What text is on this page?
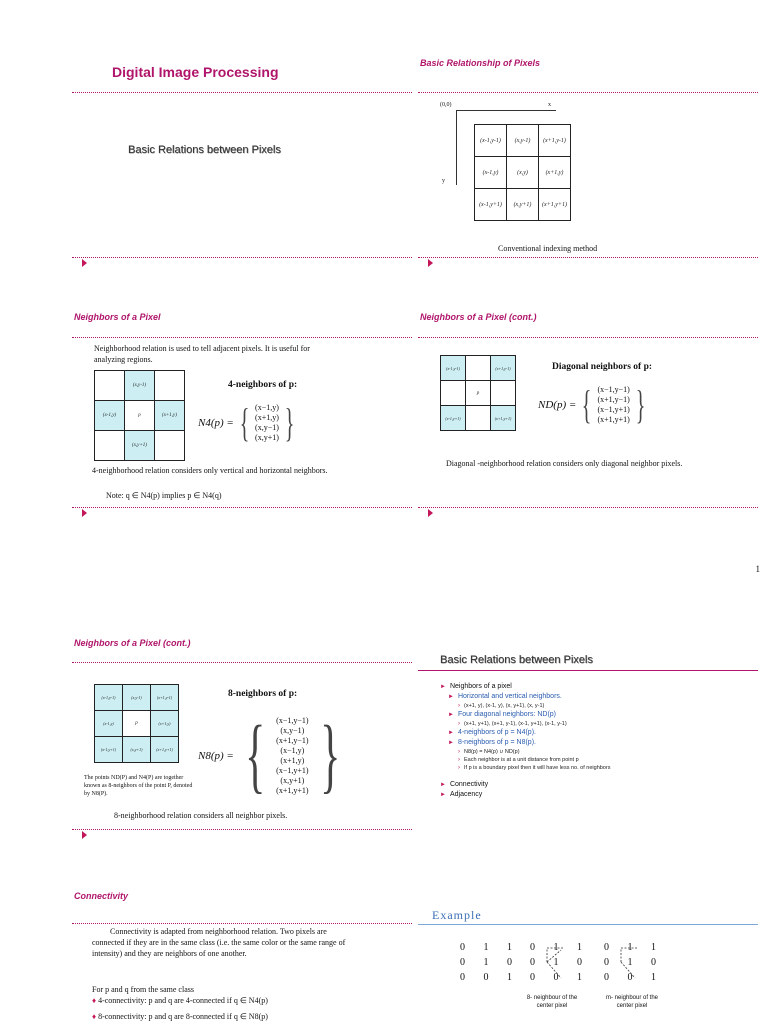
Digital Image Processing
Basic Relations between Pixels
Basic Relationship of Pixels
(0,0)	x
y
(x-1,y-1)	(x,y-1)	(x+1,y-1)
(x-1,y)	(x,y)	(x+1,y)
(x-1,y+1)	(x,y+1)	(x+1,y+1)
Conventional indexing method
Neighbors of a Pixel
Neighborhood relation is used to tell adjacent pixels. It is useful for analyzing regions.
	(x,y-1)	
(x-1,y)	p	(x+1,y)
	(x,y+1)	
4-neighbors of p:
N4(p) = { (x−1,y)
(x+1,y)
(x,y−1)
(x,y+1) }
4-neighborhood relation considers only vertical and horizontal neighbors.
Note: q ∈ N4(p) implies p ∈ N4(q)
Neighbors of a Pixel (cont.)
(x-1,y-1)		(x+1,y-1)
	p	
(x-1,y+1)		(x+1,y+1)
Diagonal neighbors of p:
ND(p) = { (x−1,y−1)
(x+1,y−1)
(x−1,y+1)
(x+1,y+1) }
Diagonal -neighborhood relation considers only diagonal neighbor pixels.
1
Neighbors of a Pixel (cont.)
(x-1,y-1)	(x,y-1)	(x+1,y-1)
(x-1,y)	p	(x+1,y)
(x-1,y+1)	(x,y+1)	(x+1,y+1)
8-neighbors of p:
N8(p) = { (x−1,y−1)
(x,y−1)
(x+1,y−1)
(x−1,y)
(x+1,y)
(x−1,y+1)
(x,y+1)
(x+1,y+1) }
The points ND(P) and N4(P) are together known as 8-neighbors of the point P, denoted by N8(P).
8-neighborhood relation considers all neighbor pixels.
Basic Relations between Pixels
► Neighbors of a pixel
► Horizontal and vertical neighbors.
› (x+1, y), (x-1, y), (x, y+1), (x, y-1)
► Four diagonal neighbors: ND(p)
› (x+1, y+1), (x+1, y-1), (x-1, y+1), (x-1, y-1)
► 4-neighbors of p = N4(p).
► 8-neighbors of p = N8(p).
› N8(p) = N4(p) ∪ ND(p)
› Each neighbor is at a unit distance from point p
› If p is a boundary pixel then it will have less no. of neighbors
► Connectivity
► Adjacency
Connectivity
Connectivity is adapted from neighborhood relation. Two pixels are connected if they are in the same class (i.e. the same color or the same range of intensity) and they are neighbors of one another.
For p and q from the same class
♦ 4-connectivity: p and q are 4-connected if q ∈ N4(p)
♦ 8-connectivity: p and q are 8-connected if q ∈ N8(p)
Example
0 1 1
0 1 0
0 0 1
0 1 1
0 1 0
0 0 1
8- neighbour of the center pixel
0 1 1
0 1 0
0 0 1
m- neighbour of the center pixel
